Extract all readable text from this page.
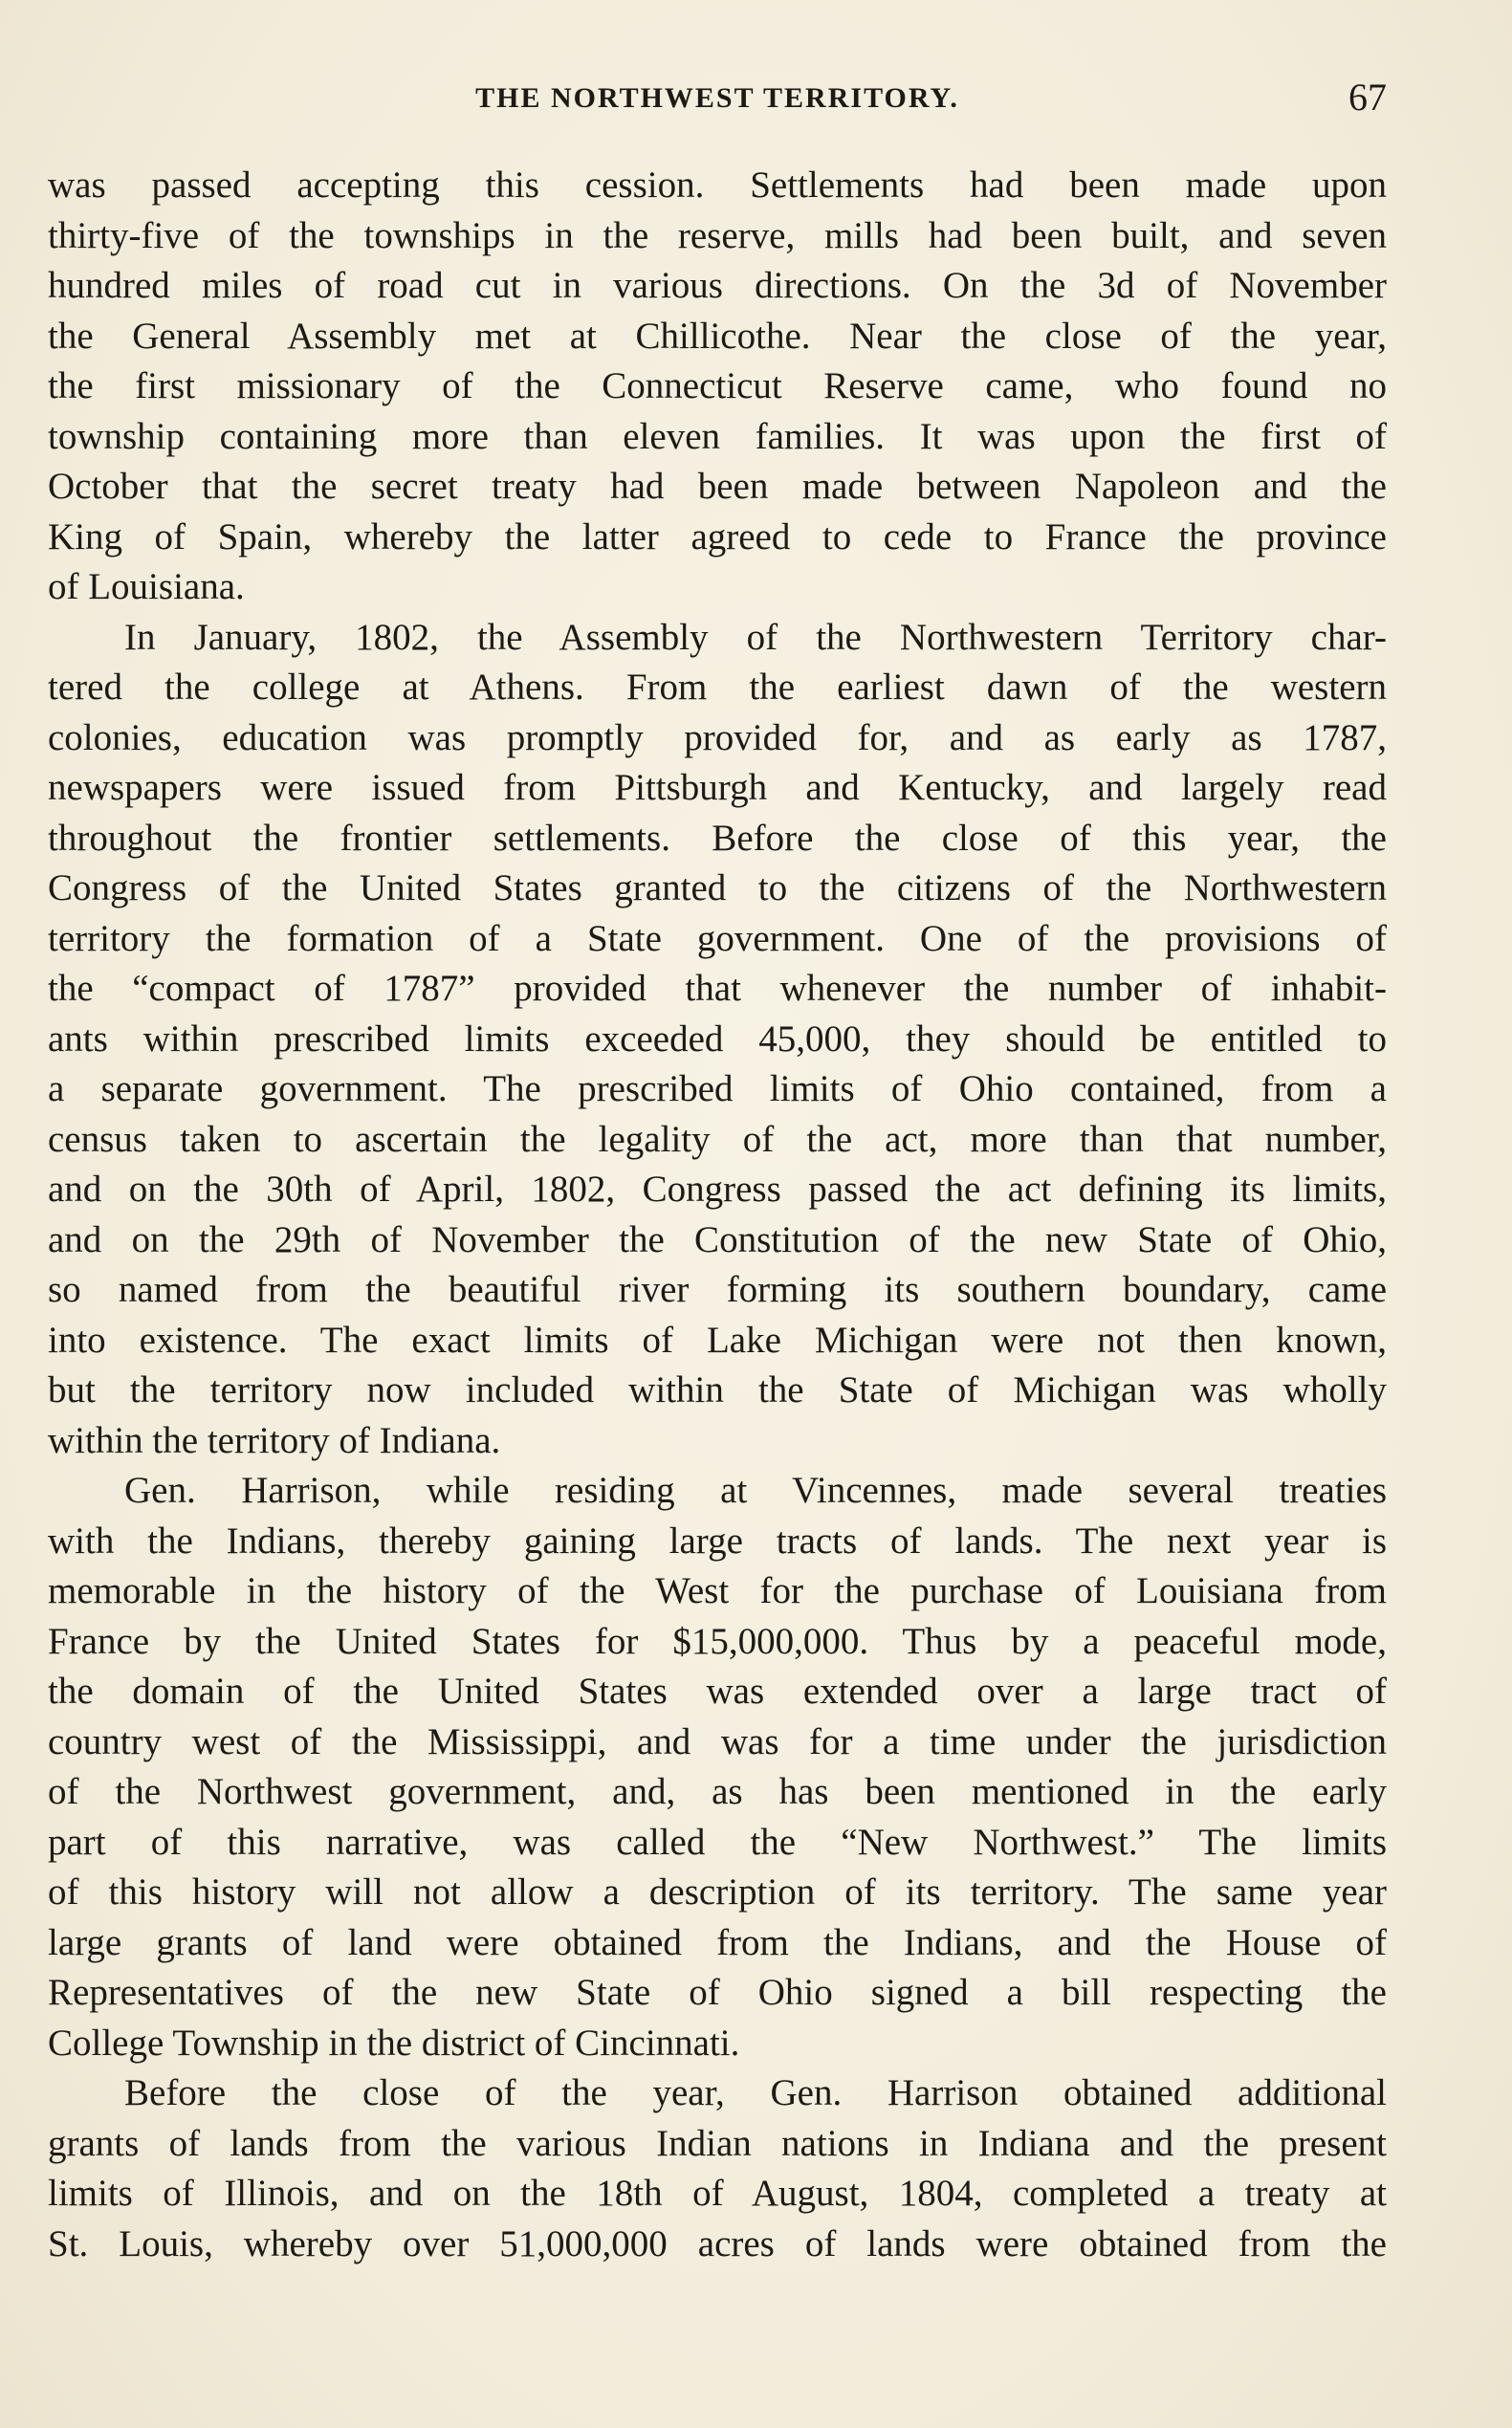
THE NORTHWEST TERRITORY.	67
was passed accepting this cession. Settlements had been made upon
thirty-five of the townships in the reserve, mills had been built, and seven
hundred miles of road cut in various directions. On the 3d of November
the General Assembly met at Chillicothe. Near the close of the year,
the first missionary of the Connecticut Reserve came, who found no
township containing more than eleven families. It was upon the first of
October that the secret treaty had been made between Napoleon and the
King of Spain, whereby the latter agreed to cede to France the province
of Louisiana.
In January, 1802, the Assembly of the Northwestern Territory char-
tered the college at Athens. From the earliest dawn of the western
colonies, education was promptly provided for, and as early as 1787,
newspapers were issued from Pittsburgh and Kentucky, and largely read
throughout the frontier settlements. Before the close of this year, the
Congress of the United States granted to the citizens of the Northwestern
territory the formation of a State government. One of the provisions of
the “compact of 1787” provided that whenever the number of inhabit-
ants within prescribed limits exceeded 45,000, they should be entitled to
a separate government. The prescribed limits of Ohio contained, from a
census taken to ascertain the legality of the act, more than that number,
and on the 30th of April, 1802, Congress passed the act defining its limits,
and on the 29th of November the Constitution of the new State of Ohio,
so named from the beautiful river forming its southern boundary, came
into existence. The exact limits of Lake Michigan were not then known,
but the territory now included within the State of Michigan was wholly
within the territory of Indiana.
Gen. Harrison, while residing at Vincennes, made several treaties
with the Indians, thereby gaining large tracts of lands. The next year is
memorable in the history of the West for the purchase of Louisiana from
France by the United States for $15,000,000. Thus by a peaceful mode,
the domain of the United States was extended over a large tract of
country west of the Mississippi, and was for a time under the jurisdiction
of the Northwest government, and, as has been mentioned in the early
part of this narrative, was called the “New Northwest.” The limits
of this history will not allow a description of its territory. The same year
large grants of land were obtained from the Indians, and the House of
Representatives of the new State of Ohio signed a bill respecting the
College Township in the district of Cincinnati.
Before the close of the year, Gen. Harrison obtained additional
grants of lands from the various Indian nations in Indiana and the present
limits of Illinois, and on the 18th of August, 1804, completed a treaty at
St. Louis, whereby over 51,000,000 acres of lands were obtained from the
